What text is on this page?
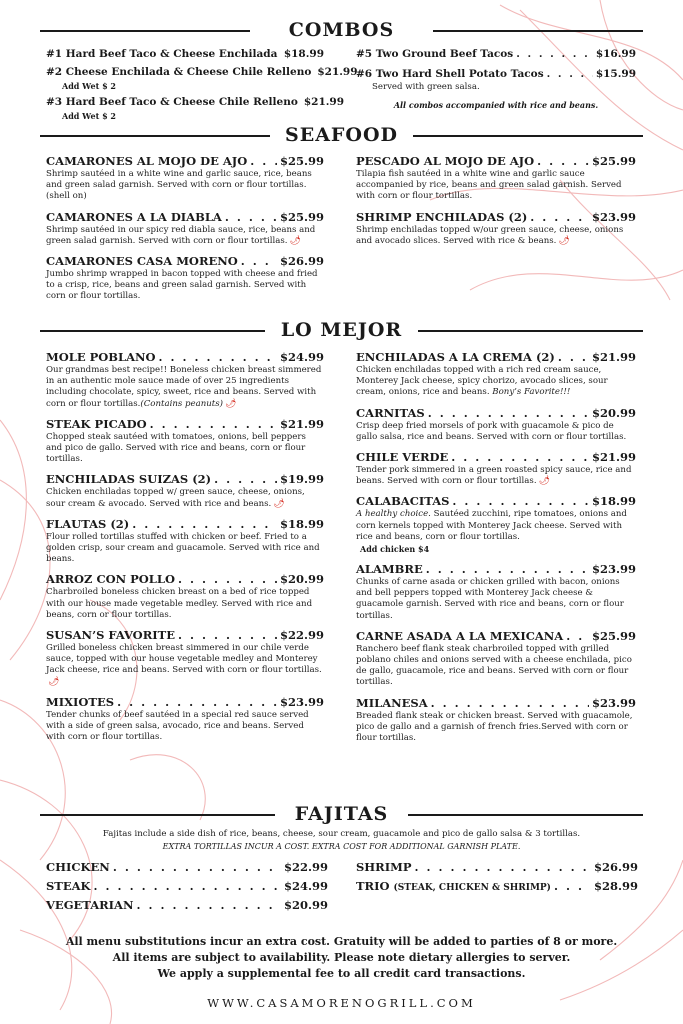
COMBOS
#1 Hard Beef Taco & Cheese Enchilada . . . $18.99
#2 Cheese Enchilada & Cheese Chile Relleno $21.99
Add Wet $ 2
#3 Hard Beef Taco & Cheese Chile Relleno $21.99
Add Wet $ 2
#5 Two Ground Beef Tacos . . .	$16.99
#6 Two Hard Shell Potato Tacos . . .	$15.99
Served with green salsa.
All combos accompanied with rice and beans.
SEAFOOD
CAMARONES AL MOJO DE AJO . . .	$25.99
Shrimp sautéed in a white wine and garlic sauce, rice, beans and green salad garnish. Served with corn or flour tortillas. (shell on)
CAMARONES A LA DIABLA . . .	$25.99
Shrimp sautéed in our spicy red diabla sauce, rice, beans and green salad garnish. Served with corn or flour tortillas. 🌶
CAMARONES CASA MORENO . . .	$26.99
Jumbo shrimp wrapped in bacon topped with cheese and fried to a crisp, rice, beans and green salad garnish. Served with corn or flour tortillas.
PESCADO AL MOJO DE AJO . . .	$25.99
Tilapia fish sautéed in a white wine and garlic sauce accompanied by rice, beans and green salad garnish. Served with corn or flour tortillas.
SHRIMP ENCHILADAS (2) . . .	$23.99
Shrimp enchiladas topped w/our green sauce, cheese, onions and avocado slices. Served with rice & beans. 🌶
LO MEJOR
MOLE POBLANO . . .	$24.99
Our grandmas best recipe!! Boneless chicken breast simmered in an authentic mole sauce made of over 25 ingredients including chocolate, spicy, sweet, rice and beans. Served with corn or flour tortillas.(Contains peanuts) 🌶
STEAK PICADO . . .	$21.99
Chopped steak sautéed with tomatoes, onions, bell peppers and pico de gallo. Served with rice and beans, corn or flour tortillas.
ENCHILADAS SUIZAS (2) . . .	$19.99
Chicken enchiladas topped w/ green sauce, cheese, onions, sour cream & avocado. Served with rice and beans. 🌶
FLAUTAS (2) . . .	$18.99
Flour rolled tortillas stuffed with chicken or beef. Fried to a golden crisp, sour cream and guacamole. Served with rice and beans.
ARROZ CON POLLO . . .	$20.99
Charbroiled boneless chicken breast on a bed of rice topped with our house made vegetable medley. Served with rice and beans, corn or flour tortillas.
SUSAN’S FAVORITE . . .	$22.99
Grilled boneless chicken breast simmered in our chile verde sauce, topped with our house vegetable medley and Monterey Jack cheese, rice and beans. Served with corn or flour tortillas.🌶
MIXIOTES . . .	$23.99
Tender chunks of beef sautéed in a special red sauce served with a side of green salsa, avocado, rice and beans. Served with corn or flour tortillas.
ENCHILADAS A LA CREMA (2) . . .	$21.99
Chicken enchiladas topped with a rich red cream sauce, Monterey Jack cheese, spicy chorizo, avocado slices, sour cream, onions, rice and beans. Bony’s Favorite!!!
CARNITAS . . .	$20.99
Crisp deep fried morsels of pork with guacamole & pico de gallo salsa, rice and beans. Served with corn or flour tortillas.
CHILE VERDE . . .	$21.99
Tender pork simmered in a green roasted spicy sauce, rice and beans. Served with corn or flour tortillas. 🌶
CALABACITAS . . .	$18.99
A healthy choice. Sautéed zucchini, ripe tomatoes, onions and corn kernels topped with Monterey Jack cheese. Served with rice and beans, corn or flour tortillas.
Add chicken $4
ALAMBRE . . .	$23.99
Chunks of carne asada or chicken grilled with bacon, onions and bell peppers topped with Monterey Jack cheese & guacamole garnish. Served with rice and beans, corn or flour tortillas.
CARNE ASADA A LA MEXICANA . . .	$25.99
Ranchero beef flank steak charbroiled topped with grilled poblano chiles and onions served with a cheese enchilada, pico de gallo, guacamole, rice and beans. Served with corn or flour tortillas.
MILANESA . . .	$23.99
Breaded flank steak or chicken breast. Served with guacamole, pico de gallo and a garnish of french fries.Served with corn or flour tortillas.
FAJITAS
Fajitas include a side dish of rice, beans, cheese, sour cream, guacamole and pico de gallo salsa & 3 tortillas.
EXTRA TORTILLAS INCUR A COST. EXTRA COST FOR ADDITIONAL GARNISH PLATE.
CHICKEN . . .	$22.99
STEAK . . .	$24.99
VEGETARIAN . . .	$20.99
SHRIMP . . .	$26.99
TRIO
(STEAK, CHICKEN & SHRIMP) . . .	$28.99
All menu substitutions incur an extra cost. Gratuity will be added to parties of 8 or more.
All items are subject to availability. Please note dietary allergies to server.
We apply a supplemental fee to all credit card transactions.
WWW.CASAMORENOGRILL.COM
